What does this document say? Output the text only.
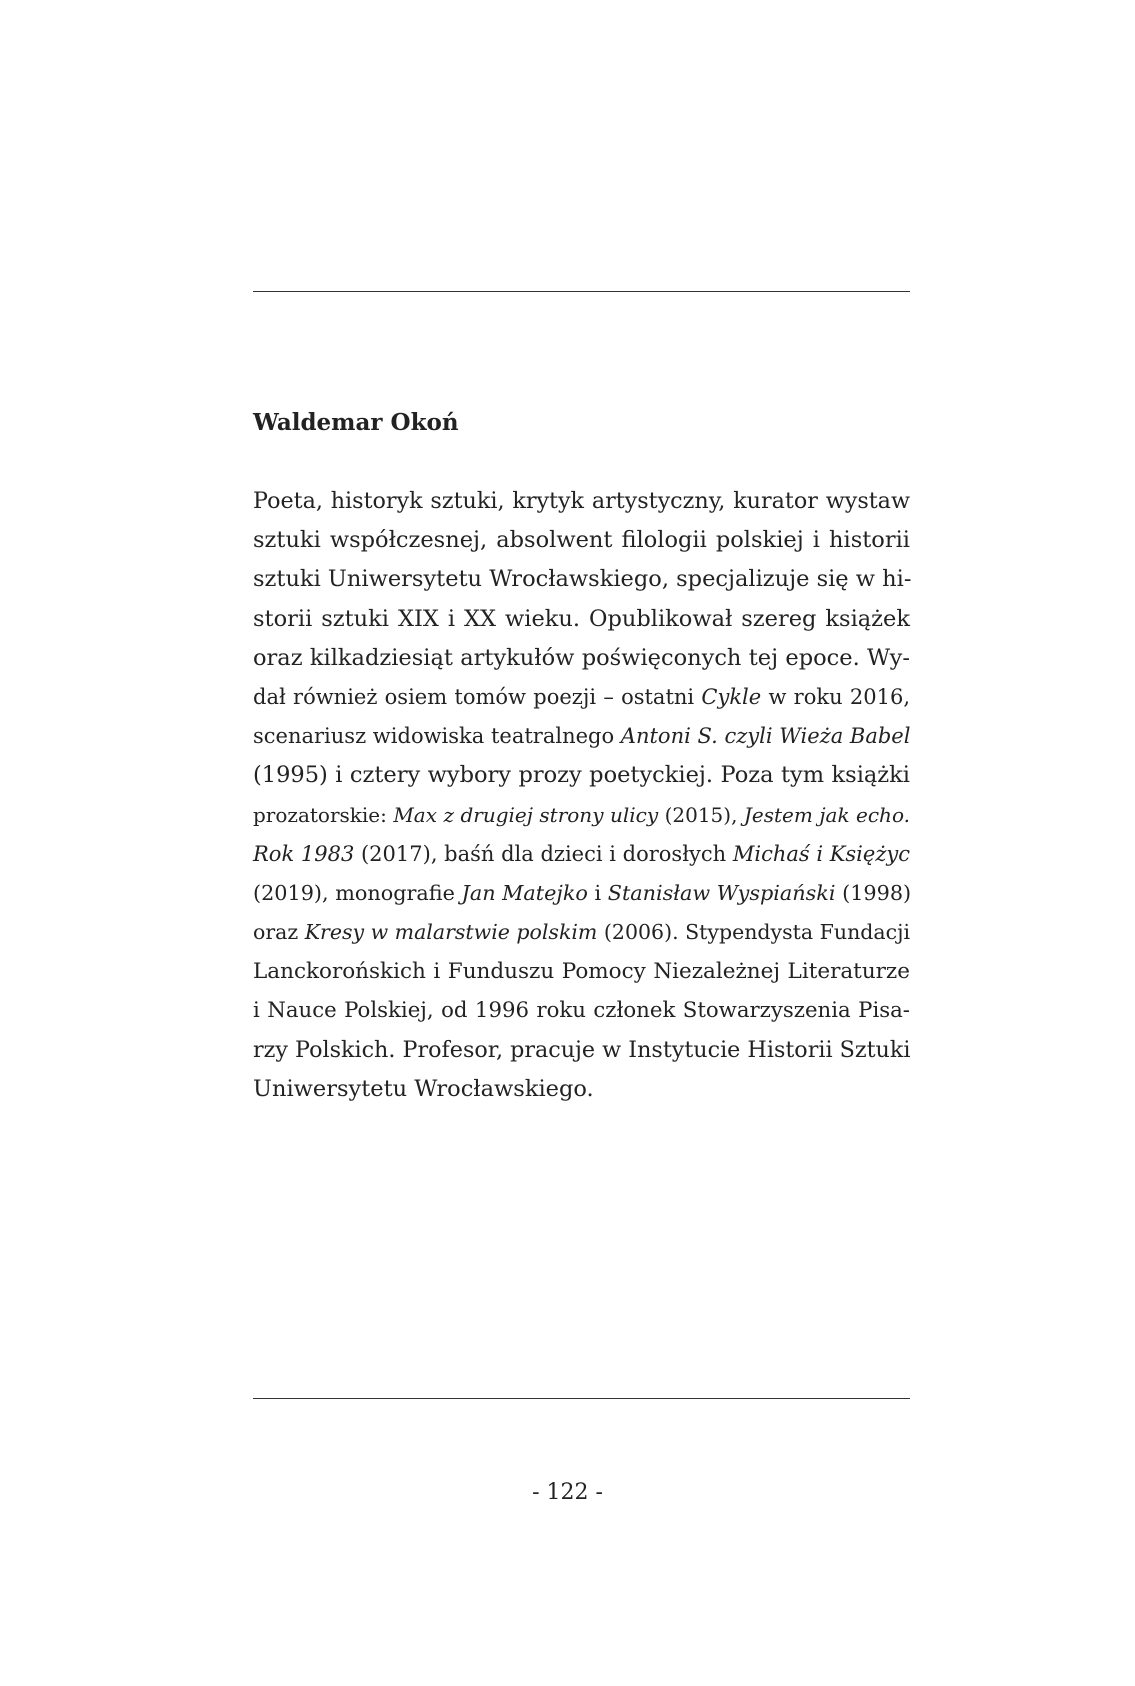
Waldemar Okoń
Poeta, historyk sztuki, krytyk artystyczny, kurator wystaw
sztuki współczesnej, absolwent filologii polskiej i historii
sztuki Uniwersytetu Wrocławskiego, specjalizuje się w hi-
storii sztuki XIX i XX wieku. Opublikował szereg książek
oraz kilkadziesiąt artykułów poświęconych tej epoce. Wy-
dał również osiem tomów poezji – ostatni Cykle w roku 2016,
scenariusz widowiska teatralnego Antoni S. czyli Wieża Babel
(1995) i cztery wybory prozy poetyckiej. Poza tym książki
prozatorskie: Max z drugiej strony ulicy (2015), Jestem jak echo.
Rok 1983 (2017), baśń dla dzieci i dorosłych Michaś i Księżyc
(2019), monografie Jan Matejko i Stanisław Wyspiański (1998)
oraz Kresy w malarstwie polskim (2006). Stypendysta Fundacji
Lanckorońskich i Funduszu Pomocy Niezależnej Literaturze
i Nauce Polskiej, od 1996 roku członek Stowarzyszenia Pisa-
rzy Polskich. Profesor, pracuje w Instytucie Historii Sztuki
Uniwersytetu Wrocławskiego.
- 122 -
